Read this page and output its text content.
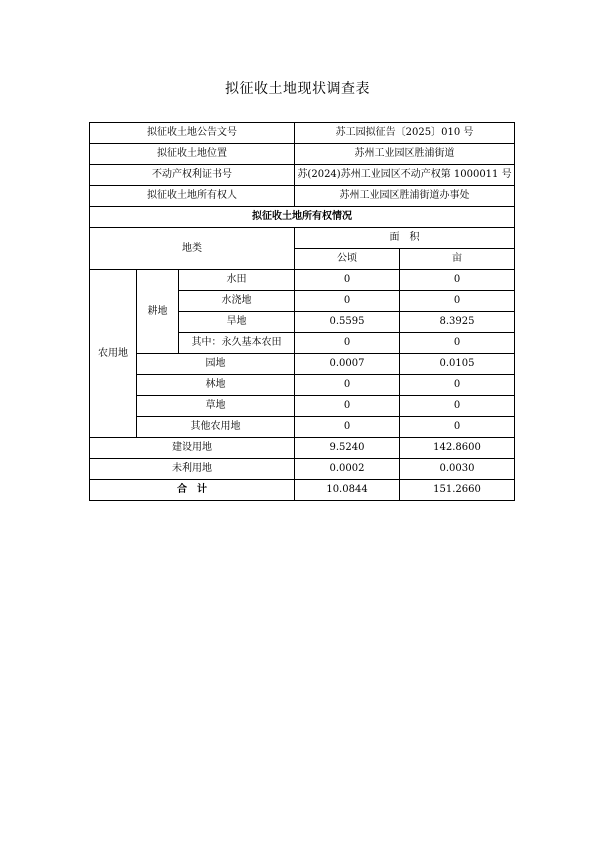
拟征收土地现状调查表
拟征收土地公告文号			苏工园拟征告〔2025〕010 号	
拟征收土地位置			苏州工业园区胜浦街道	
不动产权利证书号			苏(2024)苏州工业园区不动产权第 1000011 号	
拟征收土地所有权人			苏州工业园区胜浦街道办事处	
拟征收土地所有权情况				
地类			面　积	
			公顷	亩
农用地	耕地	水田	0	0
		水浇地	0	0
		旱地	0.5595	8.3925
		其中：永久基本农田	0	0
	园地		0.0007	0.0105
	林地		0	0
	草地		0	0
	其他农用地		0	0
建设用地			9.5240	142.8600
未利用地			0.0002	0.0030
合　计			10.0844	151.2660
